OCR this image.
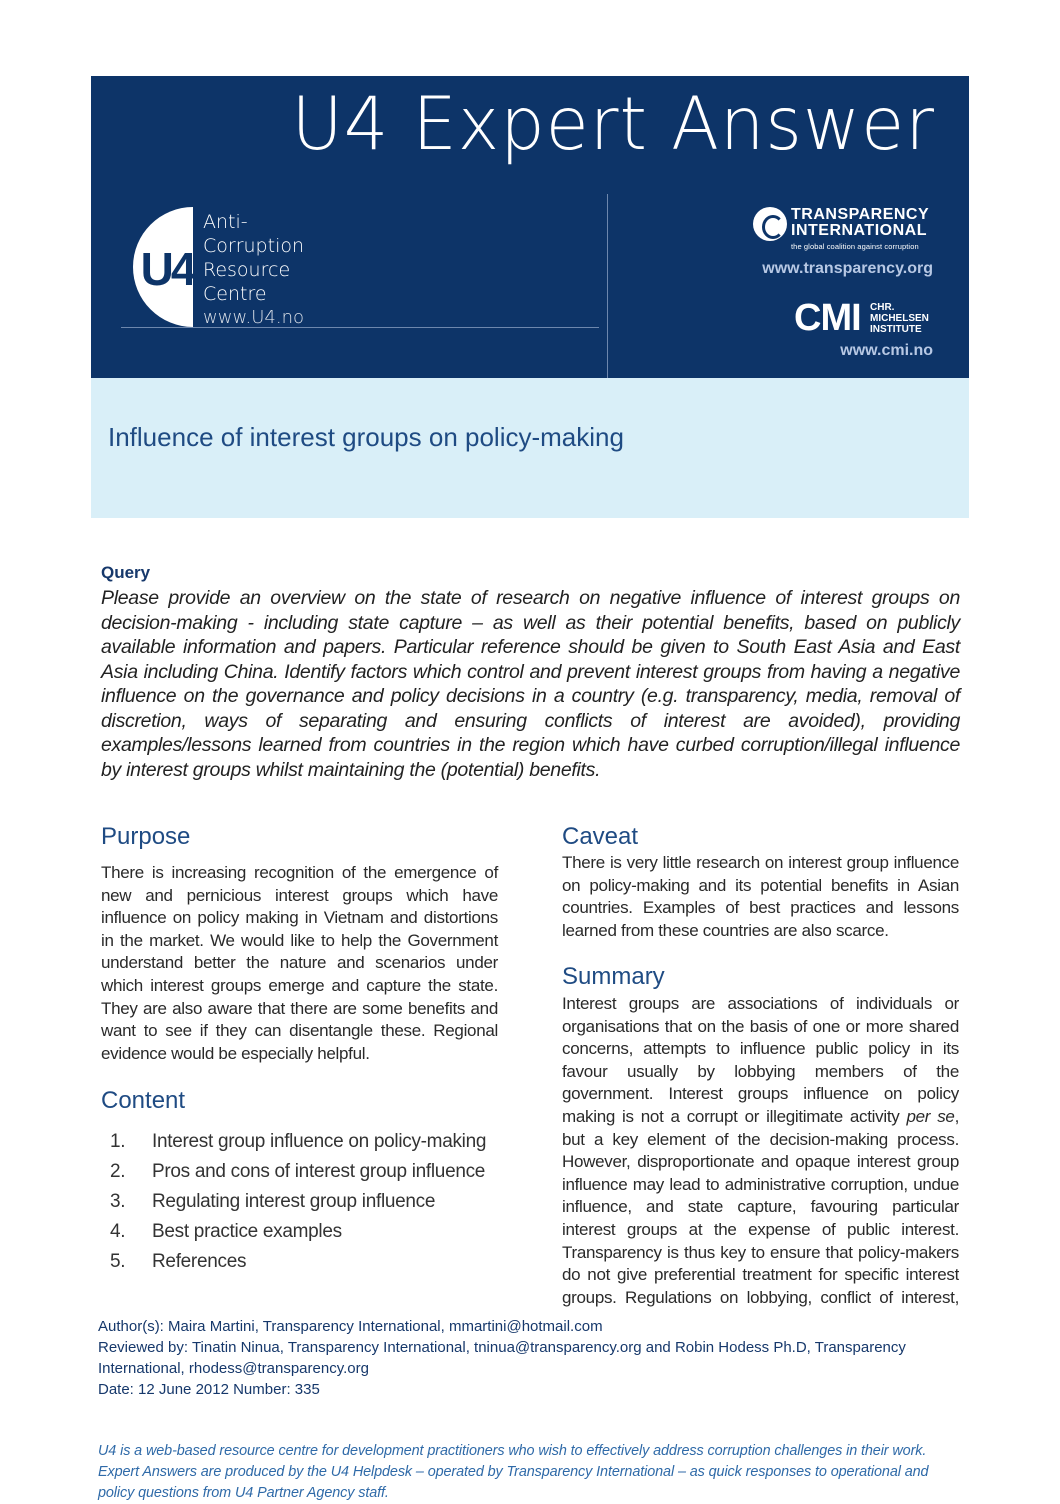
U4 Expert Answer
U4
Anti-
Corruption
Resource
Centre
www.U4.no
TRANSPARENCY
INTERNATIONAL
the global coalition against corruption
www.transparency.org
CMI CHR.
MICHELSEN
INSTITUTE
www.cmi.no
Influence of interest groups on policy-making
Query
Please provide an overview on the state of research on negative influence of interest groups on decision-making - including state capture – as well as their potential benefits, based on publicly available information and papers. Particular reference should be given to South East Asia and East Asia including China. Identify factors which control and prevent interest groups from having a negative influence on the governance and policy decisions in a country (e.g. transparency, media, removal of discretion, ways of separating and ensuring conflicts of interest are avoided), providing examples/lessons learned from countries in the region which have curbed corruption/illegal influence by interest groups whilst maintaining the (potential) benefits.
Purpose
There is increasing recognition of the emergence of new and pernicious interest groups which have influence on policy making in Vietnam and distortions in the market. We would like to help the Government understand better the nature and scenarios under which interest groups emerge and capture the state. They are also aware that there are some benefits and want to see if they can disentangle these. Regional evidence would be especially helpful.
Content
1. Interest group influence on policy-making
2. Pros and cons of interest group influence
3. Regulating interest group influence
4. Best practice examples
5. References
Caveat
There is very little research on interest group influence on policy-making and its potential benefits in Asian countries. Examples of best practices and lessons learned from these countries are also scarce.
Summary
Interest groups are associations of individuals or organisations that on the basis of one or more shared concerns, attempts to influence public policy in its favour usually by lobbying members of the government. Interest groups influence on policy making is not a corrupt or illegitimate activity per se, but a key element of the decision-making process. However, disproportionate and opaque interest group influence may lead to administrative corruption, undue influence, and state capture, favouring particular interest groups at the expense of public interest. Transparency is thus key to ensure that policy-makers do not give preferential treatment for specific interest groups. Regulations on lobbying, conflict of interest,
Author(s): Maira Martini, Transparency International, mmartini@hotmail.com
Reviewed by: Tinatin Ninua, Transparency International, tninua@transparency.org and Robin Hodess Ph.D, Transparency
International, rhodess@transparency.org
Date: 12 June 2012 Number: 335
U4 is a web-based resource centre for development practitioners who wish to effectively address corruption challenges in their work. Expert Answers are produced by the U4 Helpdesk – operated by Transparency International – as quick responses to operational and policy questions from U4 Partner Agency staff.
